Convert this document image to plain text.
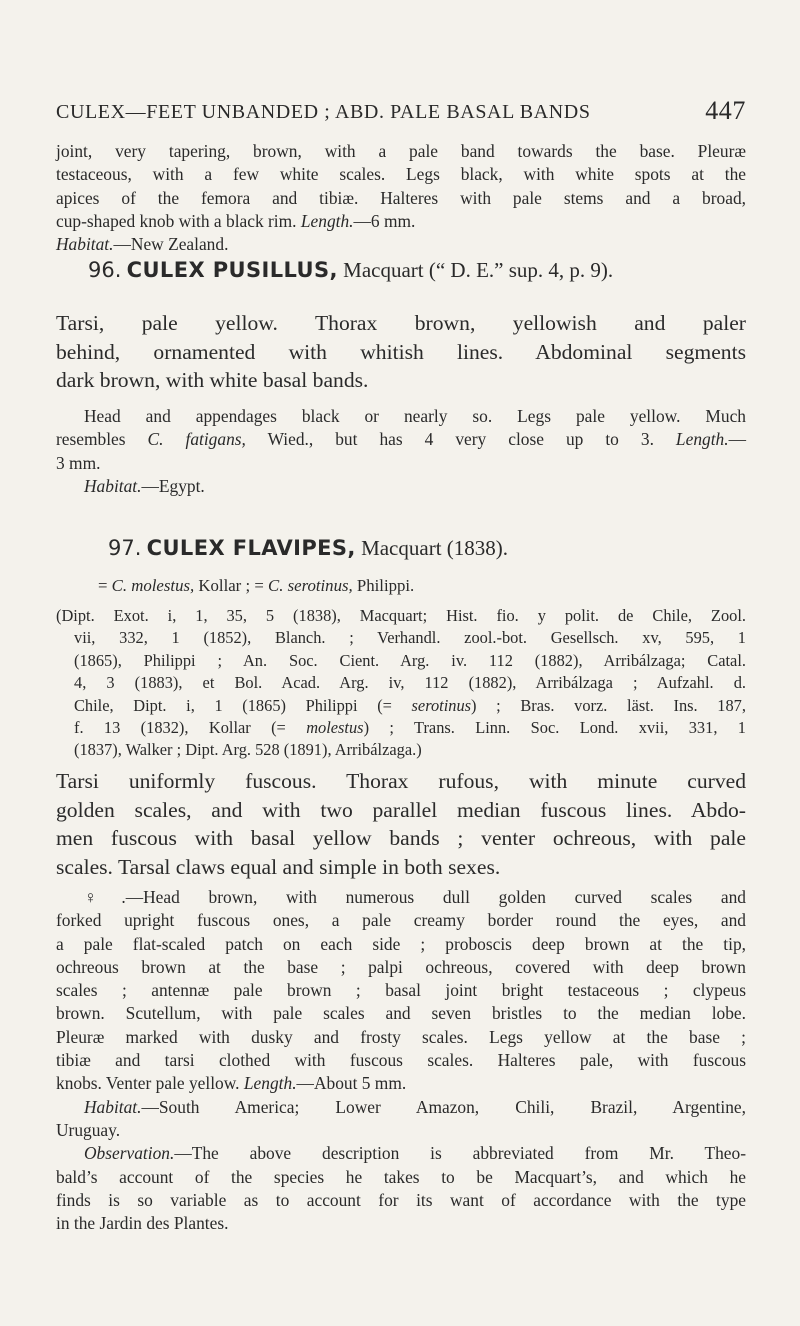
CULEX—FEET UNBANDED ; ABD. PALE BASAL BANDS	447
joint, very tapering, brown, with a pale band towards the base. Pleuræ
testaceous, with a few white scales. Legs black, with white spots at the
apices of the femora and tibiæ. Halteres with pale stems and a broad,
cup-shaped knob with a black rim. Length.—6 mm.
Habitat.—New Zealand.
96. CULEX PUSILLUS, Macquart (“ D. E.” sup. 4, p. 9).
Tarsi, pale yellow. Thorax brown, yellowish and paler
behind, ornamented with whitish lines. Abdominal segments
dark brown, with white basal bands.
Head and appendages black or nearly so. Legs pale yellow. Much
resembles C. fatigans, Wied., but has 4 very close up to 3. Length.—
3 mm.
Habitat.—Egypt.
97. CULEX FLAVIPES, Macquart (1838).
= C. molestus, Kollar ; = C. serotinus, Philippi.
(Dipt. Exot. i, 1, 35, 5 (1838), Macquart; Hist. fio. y polit. de Chile, Zool.
vii, 332, 1 (1852), Blanch. ; Verhandl. zool.-bot. Gesellsch. xv, 595, 1
(1865), Philippi ; An. Soc. Cient. Arg. iv. 112 (1882), Arribálzaga; Catal.
4, 3 (1883), et Bol. Acad. Arg. iv, 112 (1882), Arribálzaga ; Aufzahl. d.
Chile, Dipt. i, 1 (1865) Philippi (= serotinus) ; Bras. vorz. läst. Ins. 187,
f. 13 (1832), Kollar (= molestus) ; Trans. Linn. Soc. Lond. xvii, 331, 1
(1837), Walker ; Dipt. Arg. 528 (1891), Arribálzaga.)
Tarsi uniformly fuscous. Thorax rufous, with minute curved
golden scales, and with two parallel median fuscous lines. Abdo-
men fuscous with basal yellow bands ; venter ochreous, with pale
scales. Tarsal claws equal and simple in both sexes.
♀.—Head brown, with numerous dull golden curved scales and
forked upright fuscous ones, a pale creamy border round the eyes, and
a pale flat-scaled patch on each side ; proboscis deep brown at the tip,
ochreous brown at the base ; palpi ochreous, covered with deep brown
scales ; antennæ pale brown ; basal joint bright testaceous ; clypeus
brown. Scutellum, with pale scales and seven bristles to the median lobe.
Pleuræ marked with dusky and frosty scales. Legs yellow at the base ;
tibiæ and tarsi clothed with fuscous scales. Halteres pale, with fuscous
knobs. Venter pale yellow. Length.—About 5 mm.
Habitat.—South America; Lower Amazon, Chili, Brazil, Argentine,
Uruguay.
Observation.—The above description is abbreviated from Mr. Theo-
bald’s account of the species he takes to be Macquart’s, and which he
finds is so variable as to account for its want of accordance with the type
in the Jardin des Plantes.
